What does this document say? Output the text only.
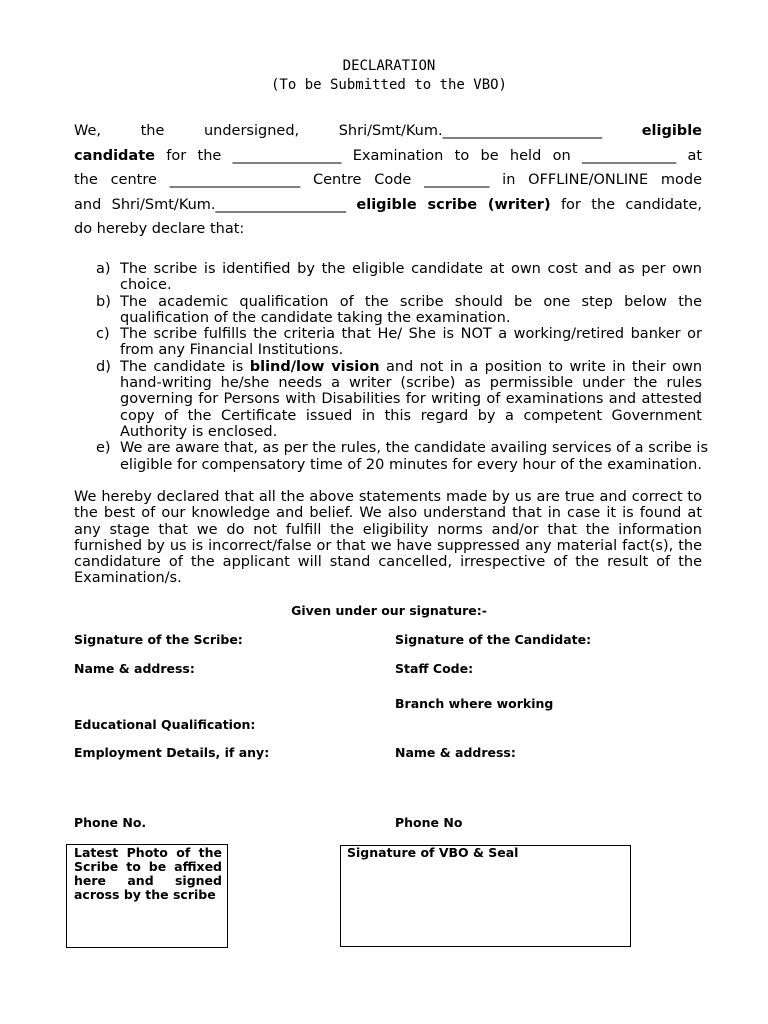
DECLARATION
(To be Submitted to the VBO)
We, the undersigned, Shri/Smt/Kum.______________________	eligible
candidate for the _______________ Examination to be held on _____________ at
the centre __________________ Centre Code _________ in OFFLINE/ONLINE mode
and Shri/Smt/Kum.__________________ eligible scribe (writer) for the candidate,
do hereby declare that:
a) The scribe is identified by the eligible candidate at own cost and as per own
choice.
b) The academic qualification of the scribe should be one step below the
qualification of the candidate taking the examination.
c) The scribe fulfills the criteria that He/ She is NOT a working/retired banker or
from any Financial Institutions.
d) The candidate is blind/low vision and not in a position to write in their own
hand-writing he/she needs a writer (scribe) as permissible under the rules
governing for Persons with Disabilities for writing of examinations and attested
copy of the Certificate issued in this regard by a competent Government
Authority is enclosed.
e) We are aware that, as per the rules, the candidate availing services of a scribe is
eligible for compensatory time of 20 minutes for every hour of the examination.
We hereby declared that all the above statements made by us are true and correct to
the best of our knowledge and belief. We also understand that in case it is found at
any stage that we do not fulfill the eligibility norms and/or that the information
furnished by us is incorrect/false or that we have suppressed any material fact(s), the
candidature of the applicant will stand cancelled, irrespective of the result of the
Examination/s.
Given under our signature:-
Signature of the Scribe:
Name & address:
Educational Qualification:
Employment Details, if any:
Phone No.
Signature of the Candidate:
Staff Code:
Branch where working
Name & address:
Phone No
Latest Photo of the
Scribe to be affixed
here and signed
across by the scribe
Signature of VBO & Seal
